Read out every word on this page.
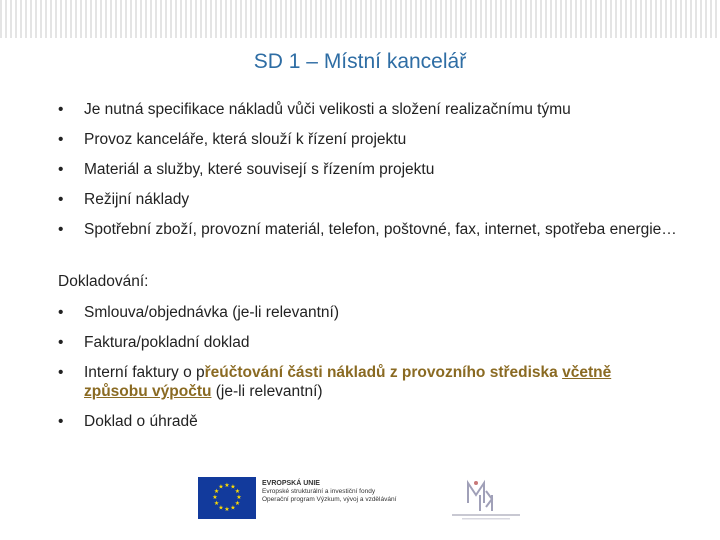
SD 1 – Místní kancelář
• Je nutná specifikace nákladů vůči velikosti a složení realizačnímu týmu
• Provoz kanceláře, která slouží k řízení projektu
• Materiál a služby, které souvisejí s řízením projektu
• Režijní náklady
• Spotřební zboží, provozní materiál, telefon, poštovné, fax, internet, spotřeba energie…

Dokladování:

• Smlouva/objednávka (je-li relevantní)
• Faktura/pokladní doklad
• Interní faktury o přeúčtování části nákladů z provozního střediska včetně způsobu výpočtu (je-li relevantní)
• Doklad o úhradě
★ ★
★
★
★
★
★
★
★
★
★
★
EVROPSKÁ UNIE
Evropské strukturální a investiční fondy
Operační program Výzkum, vývoj a vzdělávání
